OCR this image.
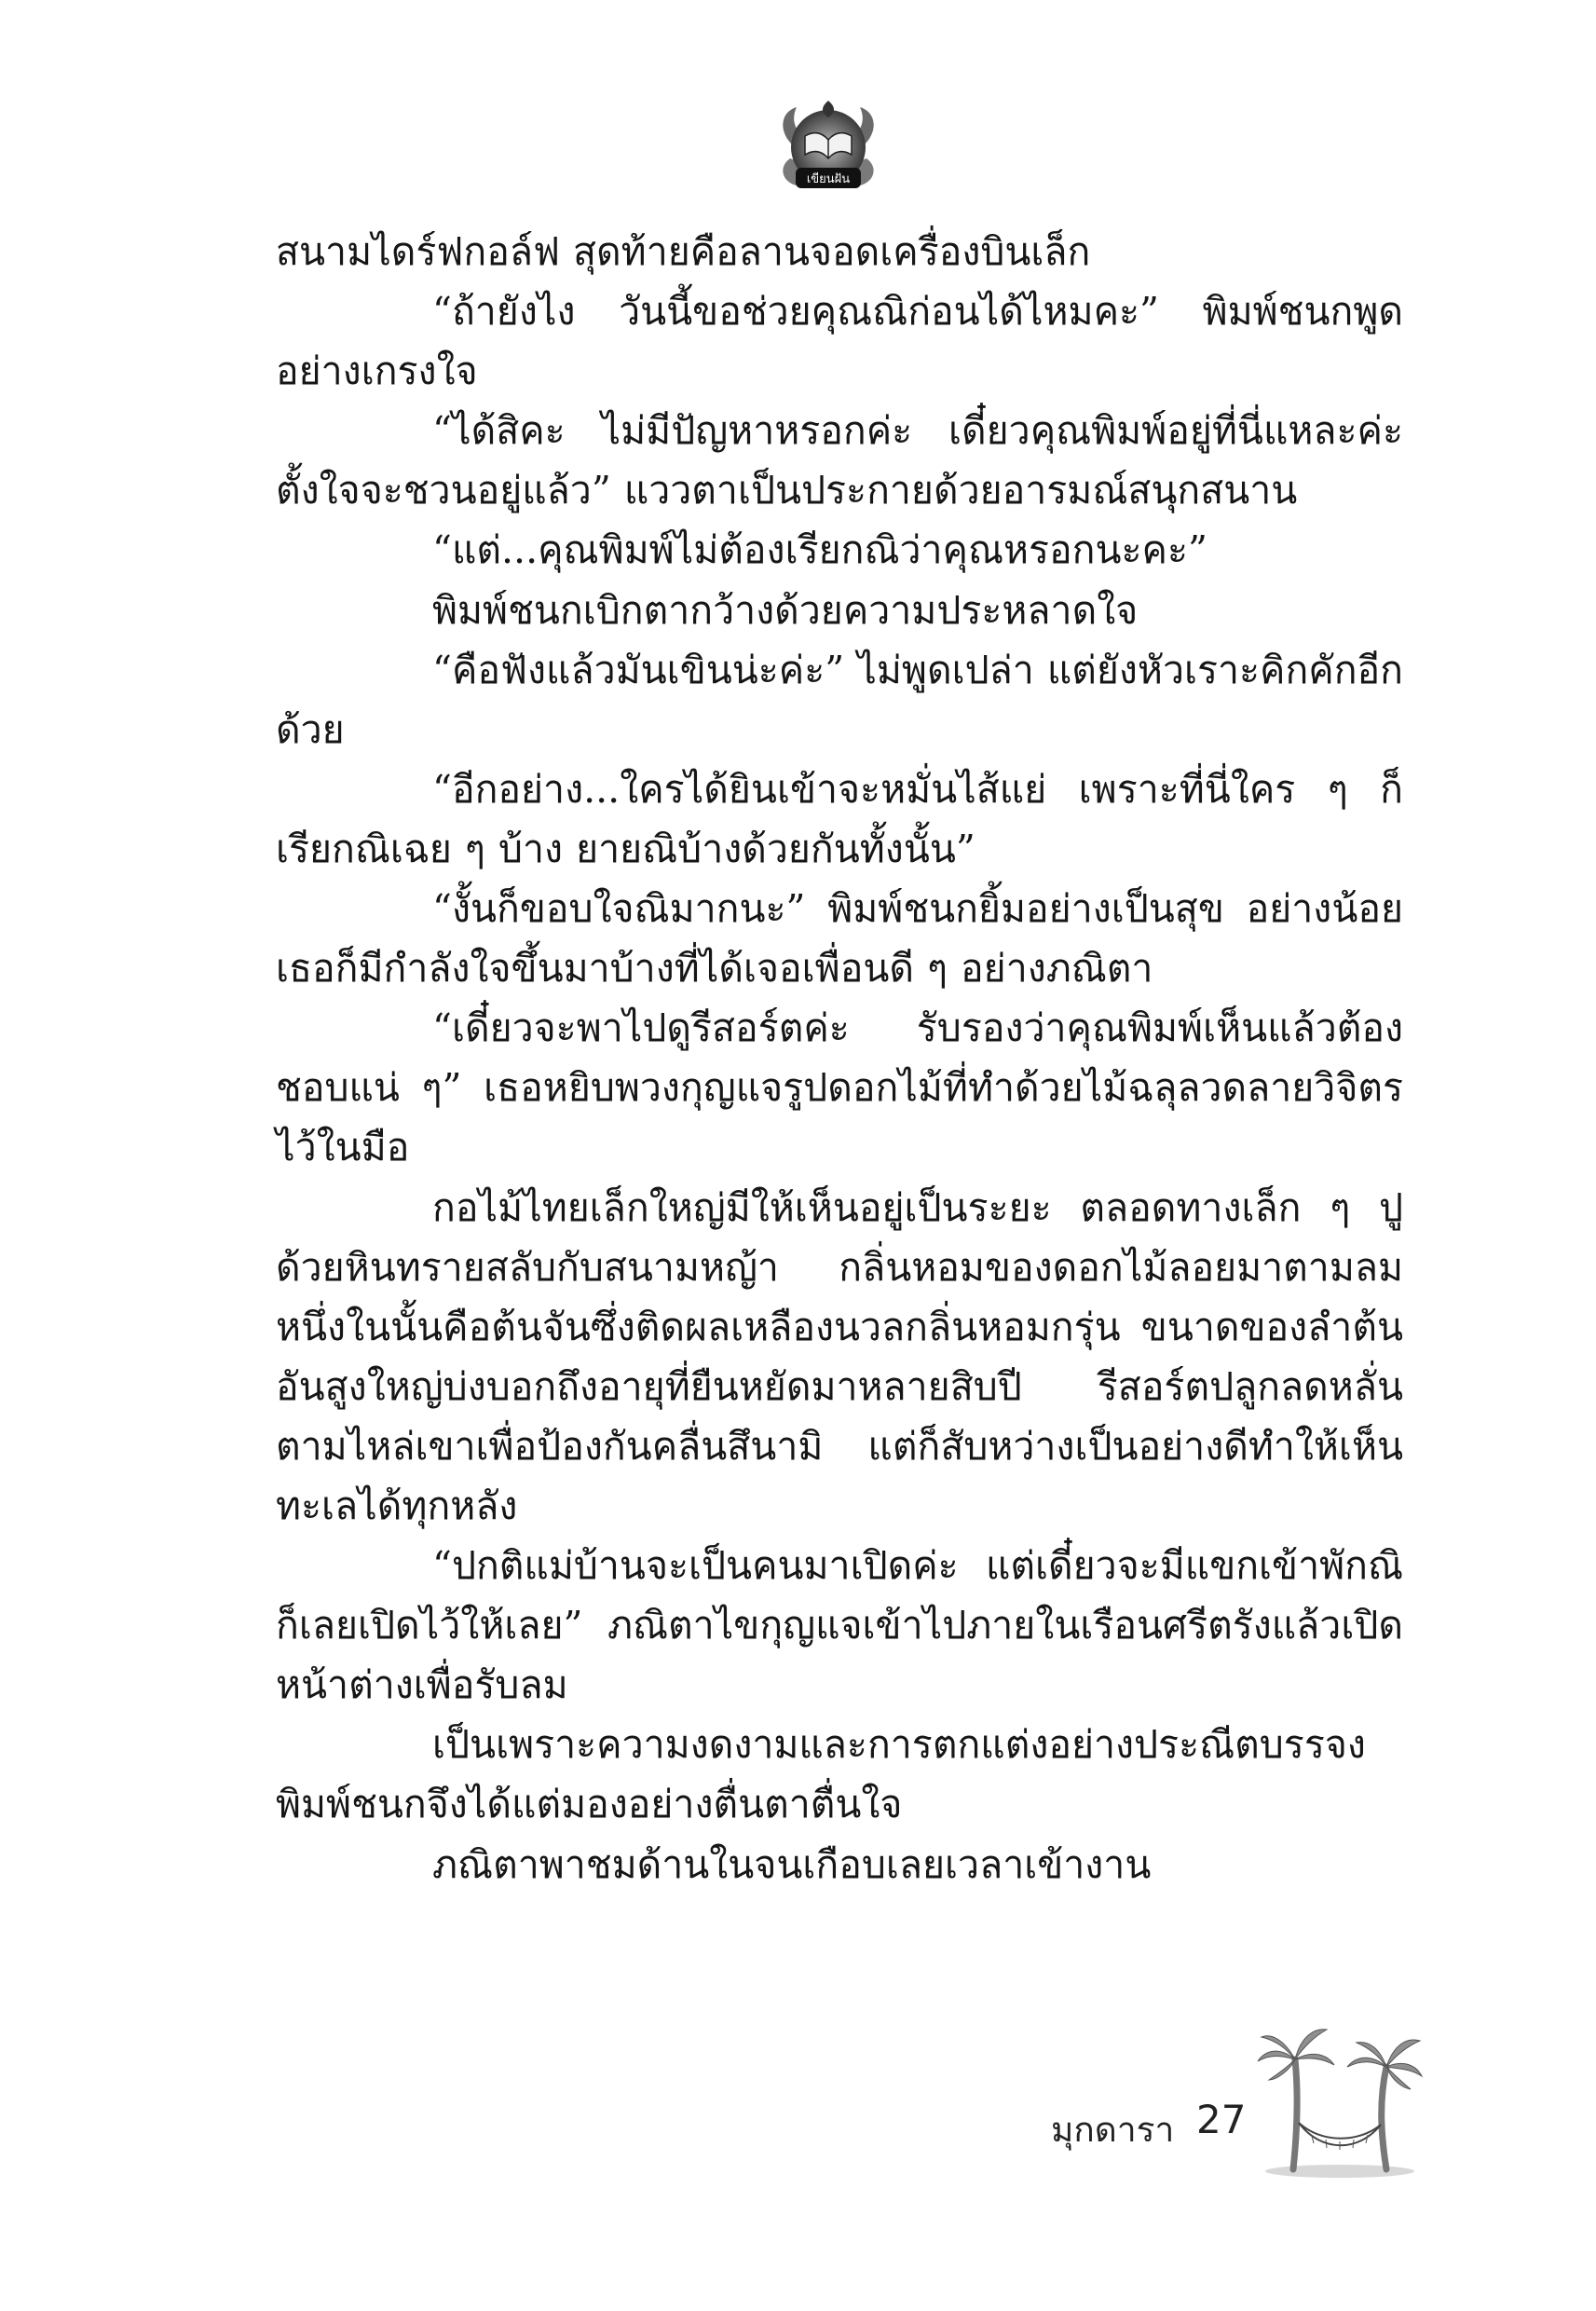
เขียนฝัน

สนามไดร์ฟกอล์ฟ สุดท้ายคือลานจอดเครื่องบินเล็ก

“ถ้ายังไง วันนี้ขอช่วยคุณณิก่อนได้ไหมคะ” พิมพ์ชนกพูดอย่างเกรงใจ

“ได้สิคะ ไม่มีปัญหาหรอกค่ะ เดี๋ยวคุณพิมพ์อยู่ที่นี่แหละค่ะ ตั้งใจจะชวนอยู่แล้ว” แววตาเป็นประกายด้วยอารมณ์สนุกสนาน

“แต่...คุณพิมพ์ไม่ต้องเรียกณิว่าคุณหรอกนะคะ”

พิมพ์ชนกเบิกตากว้างด้วยความประหลาดใจ

“คือฟังแล้วมันเขินน่ะค่ะ” ไม่พูดเปล่า แต่ยังหัวเราะคิกคักอีกด้วย

“อีกอย่าง...ใครได้ยินเข้าจะหมั่นไส้แย่ เพราะที่นี่ใคร ๆ ก็เรียกณิเฉย ๆ บ้าง ยายณิบ้างด้วยกันทั้งนั้น”

“งั้นก็ขอบใจณิมากนะ” พิมพ์ชนกยิ้มอย่างเป็นสุข อย่างน้อยเธอก็มีกำลังใจขึ้นมาบ้างที่ได้เจอเพื่อนดี ๆ อย่างภณิตา

“เดี๋ยวจะพาไปดูรีสอร์ตค่ะ รับรองว่าคุณพิมพ์เห็นแล้วต้องชอบแน่ ๆ” เธอหยิบพวงกุญแจรูปดอกไม้ที่ทำด้วยไม้ฉลุลวดลายวิจิตรไว้ในมือ

กอไม้ไทยเล็กใหญ่มีให้เห็นอยู่เป็นระยะ ตลอดทางเล็ก ๆ ปูด้วยหินทรายสลับกับสนามหญ้า กลิ่นหอมของดอกไม้ลอยมาตามลม หนึ่งในนั้นคือต้นจันซึ่งติดผลเหลืองนวลกลิ่นหอมกรุ่น ขนาดของลำต้นอันสูงใหญ่บ่งบอกถึงอายุที่ยืนหยัดมาหลายสิบปี รีสอร์ตปลูกลดหลั่นตามไหล่เขาเพื่อป้องกันคลื่นสึนามิ แต่ก็สับหว่างเป็นอย่างดีทำให้เห็นทะเลได้ทุกหลัง

“ปกติแม่บ้านจะเป็นคนมาเปิดค่ะ แต่เดี๋ยวจะมีแขกเข้าพักณิก็เลยเปิดไว้ให้เลย” ภณิตาไขกุญแจเข้าไปภายในเรือนศรีตรังแล้วเปิดหน้าต่างเพื่อรับลม

เป็นเพราะความงดงามและการตกแต่งอย่างประณีตบรรจงพิมพ์ชนกจึงได้แต่มองอย่างตื่นตาตื่นใจ

ภณิตาพาชมด้านในจนเกือบเลยเวลาเข้างาน

มุกดารา 27
